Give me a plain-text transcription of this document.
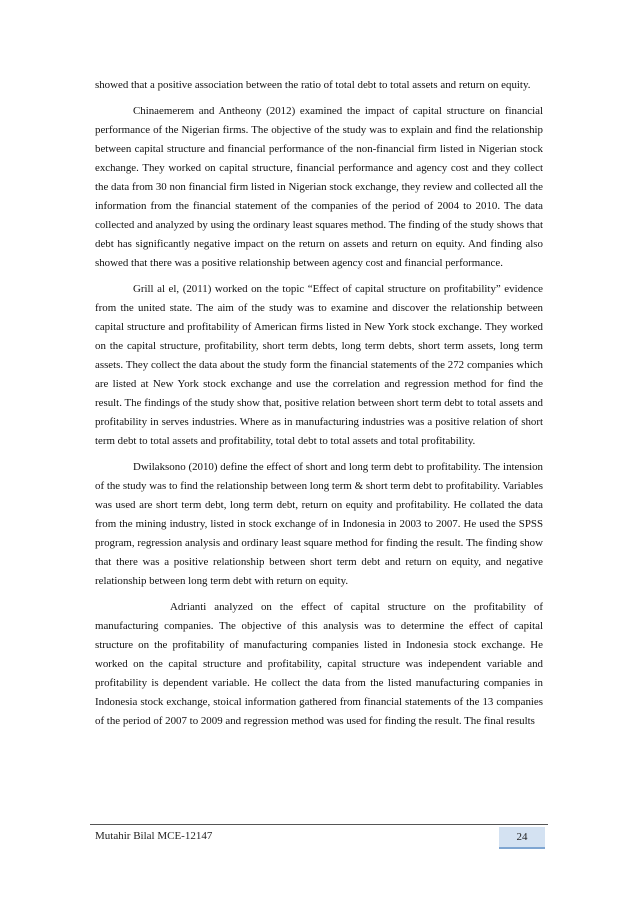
showed that a positive association between the ratio of total debt to total assets and return on equity.

Chinaemerem and Antheony (2012) examined the impact of capital structure on financial performance of the Nigerian firms. The objective of the study was to explain and find the relationship between capital structure and financial performance of the non-financial firm listed in Nigerian stock exchange. They worked on capital structure, financial performance and agency cost and they collect the data from 30 non financial firm listed in Nigerian stock exchange, they review and collected all the information from the financial statement of the companies of the period of 2004 to 2010. The data collected and analyzed by using the ordinary least squares method. The finding of the study shows that debt has significantly negative impact on the return on assets and return on equity. And finding also showed that there was a positive relationship between agency cost and financial performance.

Grill al el, (2011) worked on the topic “Effect of capital structure on profitability” evidence from the united state. The aim of the study was to examine and discover the relationship between capital structure and profitability of American firms listed in New York stock exchange. They worked on the capital structure, profitability, short term debts, long term debts, short term assets, long term assets. They collect the data about the study form the financial statements of the 272 companies which are listed at New York stock exchange and use the correlation and regression method for find the result. The findings of the study show that, positive relation between short term debt to total assets and profitability in serves industries. Where as in manufacturing industries was a positive relation of short term debt to total assets and profitability, total debt to total assets and total profitability.

Dwilaksono (2010) define the effect of short and long term debt to profitability. The intension of the study was to find the relationship between long term & short term debt to profitability. Variables was used are short term debt, long term debt, return on equity and profitability. He collated the data from the mining industry, listed in stock exchange of in Indonesia in 2003 to 2007. He used the SPSS program, regression analysis and ordinary least square method for finding the result. The finding show that there was a positive relationship between short term debt and return on equity, and negative relationship between long term debt with return on equity.

Adrianti analyzed on the effect of capital structure on the profitability of manufacturing companies. The objective of this analysis was to determine the effect of capital structure on the profitability of manufacturing companies listed in Indonesia stock exchange. He worked on the capital structure and profitability, capital structure was independent variable and profitability is dependent variable. He collect the data from the listed manufacturing companies in Indonesia stock exchange, stoical information gathered from financial statements of the 13 companies of the period of 2007 to 2009 and regression method was used for finding the result. The final results

Mutahir Bilal MCE-12147	24
